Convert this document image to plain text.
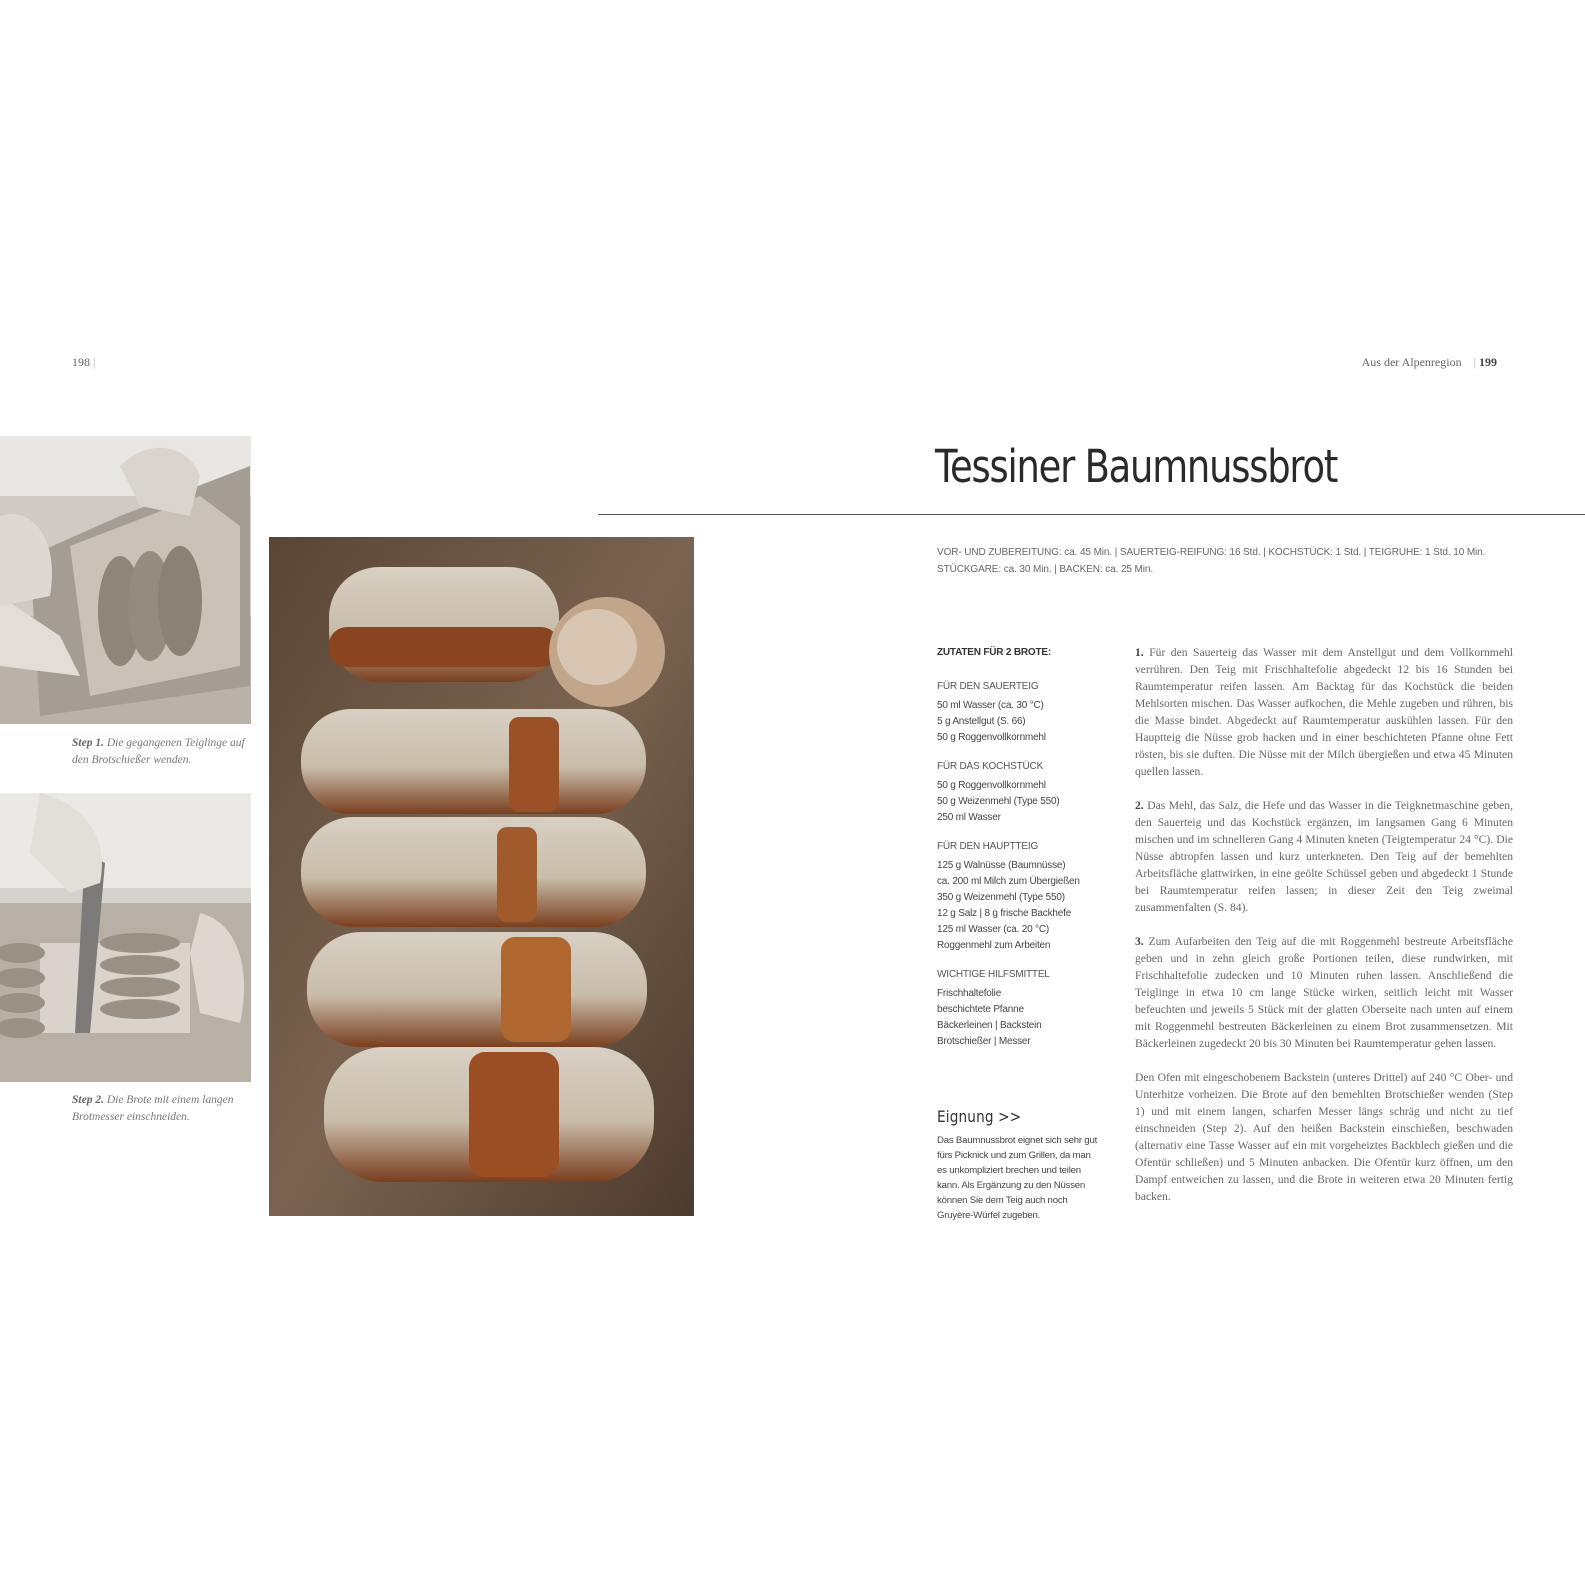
198 |	Aus der Alpenregion | 199
Step 1. Die gegangenen Teiglinge auf den Brotschießer wenden.
Step 2. Die Brote mit einem langen Brotmesser einschneiden.
Tessiner Baumnussbrot
VOR- UND ZUBEREITUNG: ca. 45 Min. | SAUERTEIG-REIFUNG: 16 Std. | KOCHSTÜCK: 1 Std. | TEIGRUHE: 1 Std. 10 Min.
STÜCKGARE: ca. 30 Min. | BACKEN: ca. 25 Min.
ZUTATEN FÜR 2 BROTE:
FÜR DEN SAUERTEIG
50 ml Wasser (ca. 30 °C)
5 g Anstellgut (S. 66)
50 g Roggenvollkornmehl
FÜR DAS KOCHSTÜCK
50 g Roggenvollkornmehl
50 g Weizenmehl (Type 550)
250 ml Wasser
FÜR DEN HAUPTTEIG
125 g Walnüsse (Baumnüsse)
ca. 200 ml Milch zum Übergießen
350 g Weizenmehl (Type 550)
12 g Salz | 8 g frische Backhefe
125 ml Wasser (ca. 20 °C)
Roggenmehl zum Arbeiten
WICHTIGE HILFSMITTEL
Frischhaltefolie
beschichtete Pfanne
Bäckerleinen | Backstein
Brotschießer | Messer
Eignung >>
Das Baumnussbrot eignet sich sehr gut fürs Picknick und zum Grillen, da man es unkompliziert brechen und teilen kann. Als Ergänzung zu den Nüssen können Sie dem Teig auch noch Gruyère-Würfel zugeben.

1. Für den Sauerteig das Wasser mit dem Anstellgut und dem Vollkornmehl verrühren. Den Teig mit Frischhaltefolie abgedeckt 12 bis 16 Stunden bei Raumtemperatur reifen lassen. Am Backtag für das Kochstück die beiden Mehlsorten mischen. Das Wasser aufkochen, die Mehle zugeben und rühren, bis die Masse bindet. Abgedeckt auf Raumtemperatur auskühlen lassen. Für den Hauptteig die Nüsse grob hacken und in einer beschichteten Pfanne ohne Fett rösten, bis sie duften. Die Nüsse mit der Milch übergießen und etwa 45 Minuten quellen lassen.

2. Das Mehl, das Salz, die Hefe und das Wasser in die Teigknetmaschine geben, den Sauerteig und das Kochstück ergänzen, im langsamen Gang 6 Minuten mischen und im schnelleren Gang 4 Minuten kneten (Teigtemperatur 24 °C). Die Nüsse abtropfen lassen und kurz unterkneten. Den Teig auf der bemehlten Arbeitsfläche glattwirken, in eine geölte Schüssel geben und abgedeckt 1 Stunde bei Raumtemperatur reifen lassen; in dieser Zeit den Teig zweimal zusammenfalten (S. 84).

3. Zum Aufarbeiten den Teig auf die mit Roggenmehl bestreute Arbeitsfläche geben und in zehn gleich große Portionen teilen, diese rundwirken, mit Frischhaltefolie zudecken und 10 Minuten ruhen lassen. Anschließend die Teiglinge in etwa 10 cm lange Stücke wirken, seitlich leicht mit Wasser befeuchten und jeweils 5 Stück mit der glatten Oberseite nach unten auf einem mit Roggenmehl bestreuten Bäckerleinen zu einem Brot zusammensetzen. Mit Bäckerleinen zugedeckt 20 bis 30 Minuten bei Raumtemperatur gehen lassen.

Den Ofen mit eingeschobenem Backstein (unteres Drittel) auf 240 °C Ober- und Unterhitze vorheizen. Die Brote auf den bemehlten Brotschießer wenden (Step 1) und mit einem langen, scharfen Messer längs schräg und nicht zu tief einschneiden (Step 2). Auf den heißen Backstein einschießen, beschwaden (alternativ eine Tasse Wasser auf ein mit vorgeheiztes Backblech gießen und die Ofentür schließen) und 5 Minuten anbacken. Die Ofentür kurz öffnen, um den Dampf entweichen zu lassen, und die Brote in weiteren etwa 20 Minuten fertig backen.
